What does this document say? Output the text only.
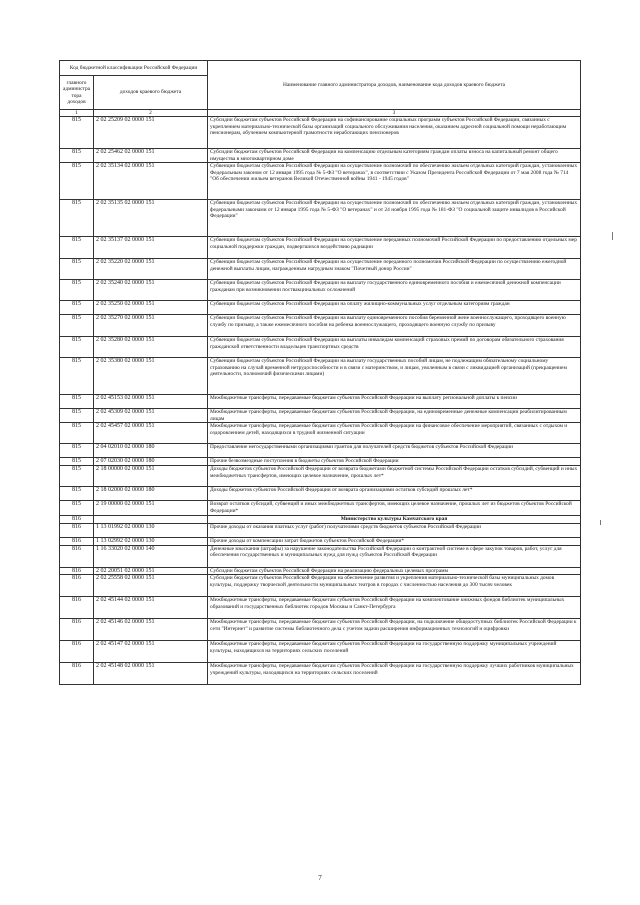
Код бюджетной классификации Российской Федерации		Наименование главного администратора доходов, наименование кода доходов краевого бюджета
главного администра тора доходов	доходов краевого бюджета	
1	2	3
815	2 02 25209 02 0000 151	Субсидии бюджетам субъектов Российской Федерации на софинансирование социальных программ субъектов Российской Федерации, связанных с укреплением материально-технической базы организаций социального обслуживания населения, оказанием адресной социальной помощи неработающим пенсионерам, обучением компьютерной грамотности неработающих пенсионеров
815	2 02 25462 02 0000 151	Субсидии бюджетам субъектов Российской Федерации на компенсацию отдельным категориям граждан оплаты взноса на капитальный ремонт общего имущества в многоквартирном доме
815	2 02 35134 02 0000 151	Субвенции бюджетам субъектов Российской Федерации на осуществление полномочий по обеспечению жильем отдельных категорий граждан, установленных Федеральным законом от 12 января 1995 года № 5-ФЗ "О ветеранах", в соответствии с Указом Президента Российской Федерации от 7 мая 2008 года № 714 "Об обеспечении жильем ветеранов Великой Отечественной войны 1941 - 1945 годов"
815	2 02 35135 02 0000 151	Субвенции бюджетам субъектов Российской Федерации на осуществление полномочий по обеспечению жильем отдельных категорий граждан, установленных федеральными законами от 12 января 1995 года № 5-ФЗ "О ветеранах" и от 24 ноября 1995 года № 181-ФЗ "О социальной защите инвалидов в Российской Федерации"
815	2 02 35137 02 0000 151	Субвенции бюджетам субъектов Российской Федерации на осуществление переданных полномочий Российской Федерации по предоставлению отдельных мер социальной поддержки граждан, подвергшихся воздействию радиации
815	2 02 35220 02 0000 151	Субвенции бюджетам субъектов Российской Федерации на осуществление переданного полномочия Российской Федерации по осуществлению ежегодной денежной выплаты лицам, награжденным нагрудным знаком "Почетный донор России"
815	2 02 35240 02 0000 151	Субвенции бюджетам субъектов Российской Федерации на выплату государственного единовременного пособия и ежемесячной денежной компенсации гражданам при возникновении поствакцинальных осложнений
815	2 02 35250 02 0000 151	Субвенции бюджетам субъектов Российской Федерации на оплату жилищно-коммунальных услуг отдельным категориям граждан
815	2 02 35270 02 0000 151	Субвенции бюджетам субъектов Российской Федерации на выплату единовременного пособия беременной жене военнослужащего, проходящего военную службу по призыву, а также ежемесячного пособия на ребенка военнослужащего, проходящего военную службу по призыву
815	2 02 35280 02 0000 151	Субвенции бюджетам субъектов Российской Федерации на выплаты инвалидам компенсаций страховых премий по договорам обязательного страхования гражданской ответственности владельцев транспортных средств
815	2 02 35380 02 0000 151	Субвенции бюджетам субъектов Российской Федерации на выплату государственных пособий лицам, не подлежащим обязательному социальному страхованию на случай временной нетрудоспособности и в связи с материнством, и лицам, уволенным в связи с ликвидацией организаций (прекращением деятельности, полномочий физическими лицами)
815	2 02 45153 02 0000 151	Межбюджетные трансферты, передаваемые бюджетам субъектов Российской Федерации на выплату региональной доплаты к пенсии
815	2 02 45309 02 0000 151	Межбюджетные трансферты, передаваемые бюджетам субъектов Российской Федерации, на единовременные денежные компенсации реабилитированным лицам
815	2 02 45457 02 0000 151	Межбюджетные трансферты, передаваемые бюджетам субъектов Российской Федерации на финансовое обеспечение мероприятий, связанных с отдыхом и оздоровлением детей, находящихся в трудной жизненной ситуации
815	2 04 02010 02 0000 180	Предоставление негосударственными организациями грантов для получателей средств бюджетов субъектов Российской Федерации
815	2 07 02030 02 0000 180	Прочие безвозмездные поступления в бюджеты субъектов Российской Федерации
815	2 18 00000 02 0000 151	Доходы бюджетов субъектов Российской Федерации от возврата бюджетами бюджетной системы Российской Федерации остатков субсидий, субвенций и иных межбюджетных трансфертов, имеющих целевое назначение, прошлых лет*
815	2 18 02000 02 0000 180	Доходы бюджетов субъектов Российской Федерации от возврата организациями остатков субсидий прошлых лет*
815	2 19 00000 02 0000 151	Возврат остатков субсидий, субвенций и иных межбюджетных трансфертов, имеющих целевое назначение, прошлых лет из бюджетов субъектов Российской Федерации*
816		Министерство культуры Камчатского края
816	1 13 01992 02 0000 130	Прочие доходы от оказания платных услуг (работ) получателями средств бюджетов субъектов Российской Федерации
816	1 13 02992 02 0000 130	Прочие доходы от компенсации затрат бюджетов субъектов Российской Федерации*
816	1 16 33020 02 0000 140	Денежные взыскания (штрафы) за нарушение законодательства Российской Федерации о контрактной системе в сфере закупок товаров, работ, услуг для обеспечения государственных и муниципальных нужд для нужд субъектов Российской Федерации
816	2 02 20051 02 0000 151	Субсидии бюджетам субъектов Российской Федерации на реализацию федеральных целевых программ
816	2 02 25558 02 0000 151	Субсидии бюджетам субъектов Российской Федерации на обеспечение развития и укрепления материально-технической базы муниципальных домов культуры, поддержку творческой деятельности муниципальных театров в городах с численностью населения до 300 тысяч человек
816	2 02 45144 02 0000 151	Межбюджетные трансферты, передаваемые бюджетам субъектов Российской Федерации на комплектование книжных фондов библиотек муниципальных образований и государственных библиотек городов Москвы и Санкт-Петербурга
816	2 02 45146 02 0000 151	Межбюджетные трансферты, передаваемые бюджетам субъектов Российской Федерации, на подключение общедоступных библиотек Российской Федерации к сети "Интернет" и развитие системы библиотечного дела с учетом задачи расширения информационных технологий и оцифровки
816	2 02 45147 02 0000 151	Межбюджетные трансферты, передаваемые бюджетам субъектов Российской Федерации на государственную поддержку муниципальных учреждений культуры, находящихся на территориях сельских поселений
816	2 02 45148 02 0000 151	Межбюджетные трансферты, передаваемые бюджетам субъектов Российской Федерации на государственную поддержку лучших работников муниципальных учреждений культуры, находящихся на территориях сельских поселений
7
